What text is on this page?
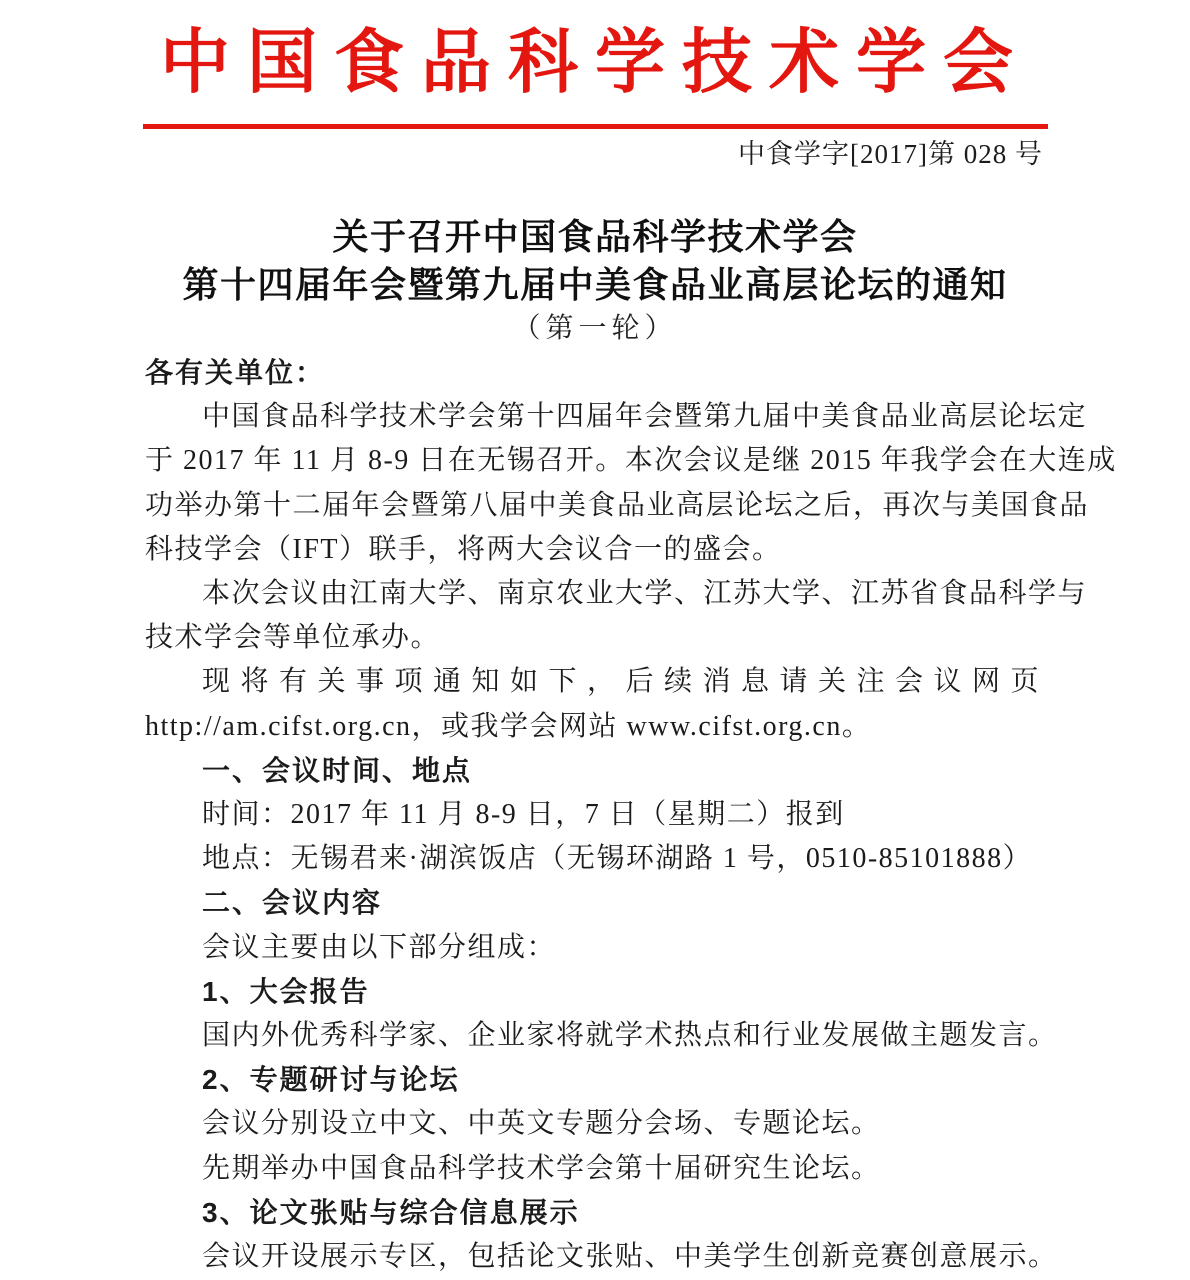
中国食品科学技术学会
中食学字[2017]第 028 号
关于召开中国食品科学技术学会
第十四届年会暨第九届中美食品业高层论坛的通知
（第一轮）
各有关单位：
中国食品科学技术学会第十四届年会暨第九届中美食品业高层论坛定
于 2017 年 11 月 8-9 日在无锡召开。本次会议是继 2015 年我学会在大连成
功举办第十二届年会暨第八届中美食品业高层论坛之后，再次与美国食品
科技学会（IFT）联手，将两大会议合一的盛会。
本次会议由江南大学、南京农业大学、江苏大学、江苏省食品科学与
技术学会等单位承办。
现将有关事项通知如下，后续消息请关注会议网页
http://am.cifst.org.cn，或我学会网站 www.cifst.org.cn。
一、会议时间、地点
时间：2017 年 11 月 8-9 日，7 日（星期二）报到
地点：无锡君来·湖滨饭店（无锡环湖路 1 号，0510-85101888）
二、会议内容
会议主要由以下部分组成：
1、大会报告
国内外优秀科学家、企业家将就学术热点和行业发展做主题发言。
2、专题研讨与论坛
会议分别设立中文、中英文专题分会场、专题论坛。
先期举办中国食品科学技术学会第十届研究生论坛。
3、论文张贴与综合信息展示
会议开设展示专区，包括论文张贴、中美学生创新竞赛创意展示。
